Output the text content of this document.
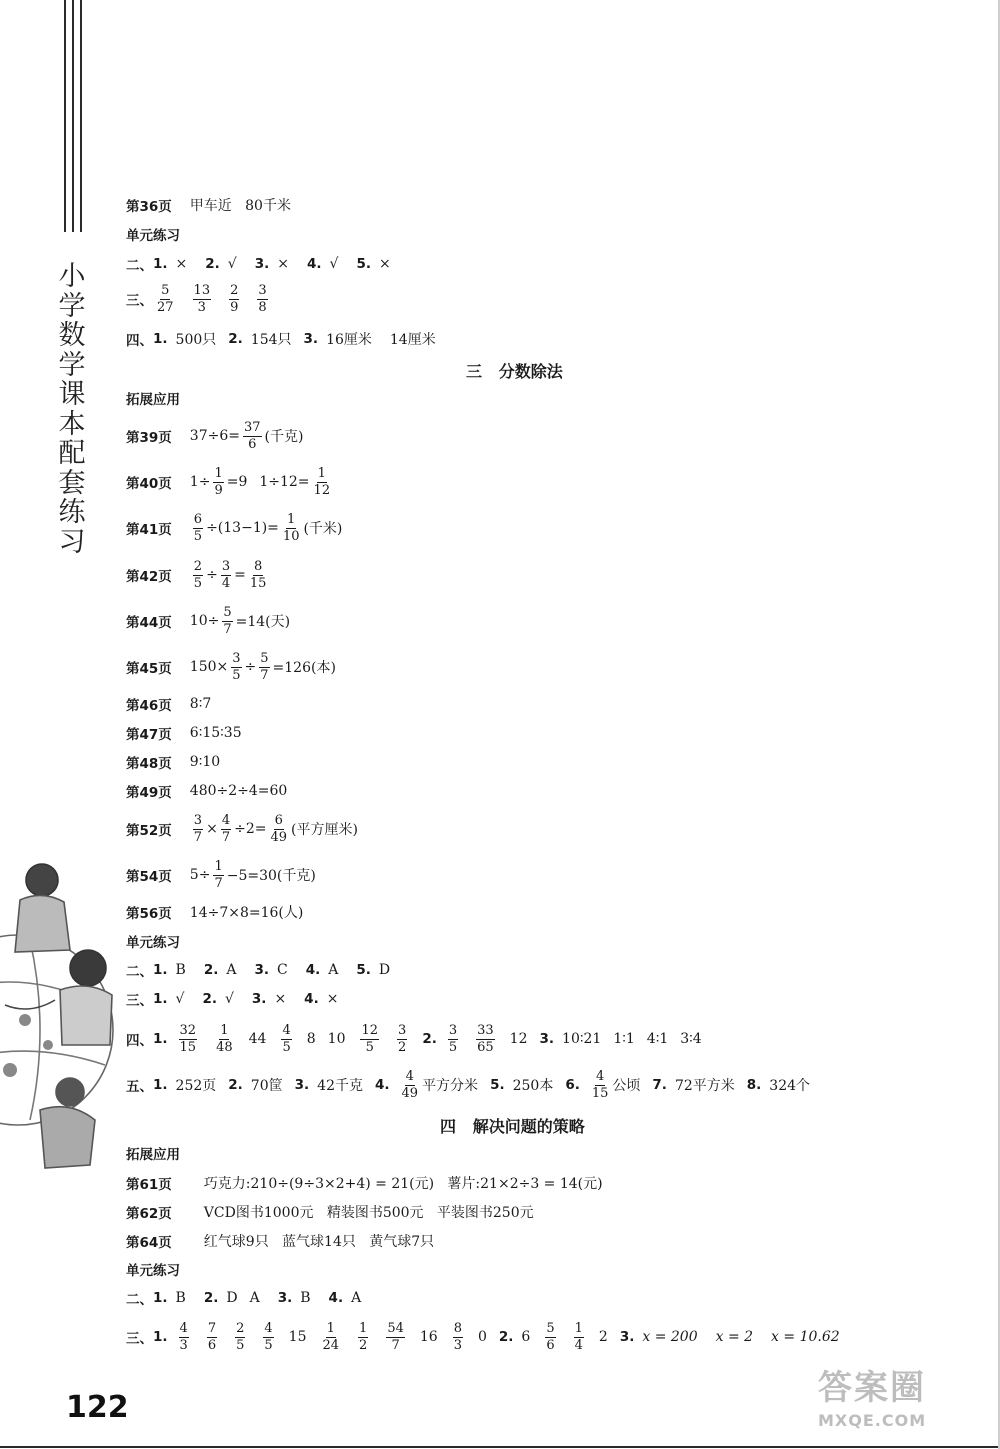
小
学
数
学
课
本
配
套
练
习
第36页 甲车近   80千米
单元练习
二、 1. × 2. √ 3. × 4. √ 5. ×
三、 $\frac{5}{27} \frac{13}{3} \frac{2}{9} \frac{3}{8}$
四、 1. 500只 2. 154只 3. 16厘米 14厘米
三   分数除法
拓展应用
第39页 $37\div 6= \frac{37}{6}$ (千克)
第40页 $1\div \frac{1}{9} =9$ $1\div 12= \frac{1}{12}$
第41页 $\frac{6}{5} \div(13-1)= \frac{1}{10}$ (千米)
第42页 $\frac{2}{5} \div \frac{3}{4} = \frac{8}{15}$
第44页 $10\div \frac{5}{7} =14$(天)
第45页 $150\times \frac{3}{5} \div \frac{5}{7} =126$(本)
第46页 8∶7
第47页 6∶15∶35
第48页 9∶10
第49页 480÷2÷4=60
第52页 $\frac{3}{7} \times \frac{4}{7} \div 2= \frac{6}{49}$ (平方厘米)
第54页 $5\div \frac{1}{7} -5=30$(千克)
第56页 14÷7×8=16(人)
单元练习
二、 1. B 2. A 3. C 4. A 5. D
三、 1. √ 2. √ 3. × 4. ×
四、 1. $\frac{32}{15} \frac{1}{48} 44 \frac{4}{5} 8$ $10 \frac{12}{5} \frac{3}{2} 2$. $\frac{3}{5} \frac{33}{65} 12$ 3. 10∶21 1∶1 4∶1 3∶4
五、 1. 252页 2. 70筐 3. 42千克 4. $\frac{4}{49}$ 平方分米 5. 250本 6. $\frac{4}{15}$ 公顷 7. 72平方米 8. 324个
四   解决问题的策略
拓展应用
第61页 巧克力:210÷(9÷3×2+4) = 21(元)   薯片:21×2÷3 = 14(元)
第62页 VCD图书1000元   精装图书500元   平装图书250元
第64页 红气球9只   蓝气球14只   黄气球7只
单元练习
二、 1. B 2. D A 3. B 4. A
三、 1. $\frac{4}{3} \frac{7}{6} \frac{2}{5} \frac{4}{5} 15 \frac{1}{24} \frac{1}{2} \frac{54}{7} 16 \frac{8}{3} 0$ 2. $6 \frac{5}{6} \frac{1}{4} 2$ 3. x = 200 x = 2 x = 10.62
122	答案圈
MXQE.COM
